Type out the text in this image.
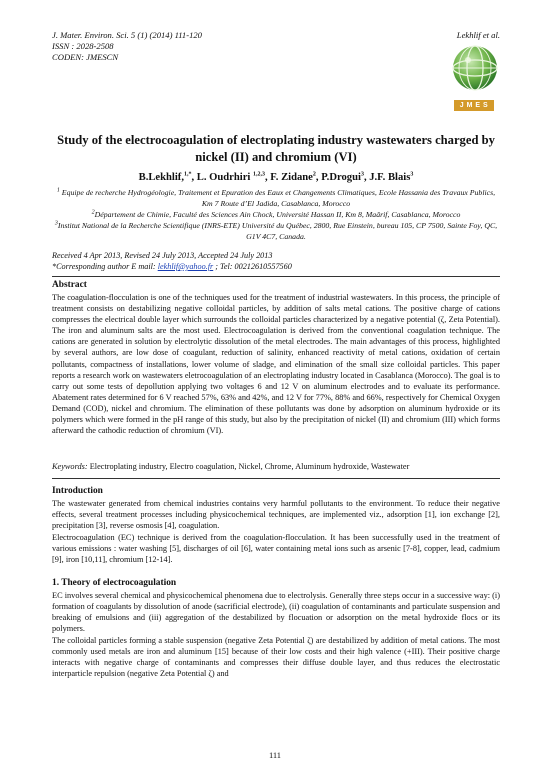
J. Mater. Environ. Sci. 5 (1) (2014) 111-120
ISSN : 2028-2508
CODEN: JMESCN
Lekhlif et al.
J M E S
Study of the electrocoagulation of electroplating industry wastewaters charged by nickel (II) and chromium (VI)
B.Lekhlif,$^{1,*}$, L. Oudrhiri $^{1,2,3}$, F. Zidane$^2$, P.Drogui$^3$, J.F. Blais$^3$
$^1$ Equipe de recherche Hydrogéologie, Traitement et Epuration des Eaux et Changements Climatiques, Ecole Hassania des Travaux Publics, Km 7 Route d’El Jadida, Casablanca, Morocco
$^2$Département de Chimie, Faculté des Sciences Ain Chock, Université Hassan II, Km 8, Maârif, Casablanca, Morocco
$^3$Institut National de la Recherche Scientifique (INRS-ETE) Université du Québec, 2800, Rue Einstein, bureau 105, CP 7500, Sainte Foy, QC, G1V 4C7, Canada.
Received 4 Apr 2013, Revised 24 July 2013, Accepted 24 July 2013
*Corresponding author E mail: lekhlif@yahoo.fr ; Tel: 00212610557560
Abstract
The coagulation-flocculation is one of the techniques used for the treatment of industrial wastewaters. In this process, the principle of treatment consists on destabilizing negative colloidal particles, by addition of salts metal cations. The positive charge of cations compresses the electrical double layer which surrounds the colloidal particles characterized by a negative potential (ζ, Zeta Potential). The iron and aluminum salts are the most used. Electrocoagulation is derived from the conventional coagulation technique. The cations are generated in solution by electrolytic dissolution of the metal electrodes. The main advantages of this process, highlighted by several authors, are low dose of coagulant, reduction of salinity, enhanced reactivity of metal cations, oxidation of certain pollutants, compactness of installations, lower volume of sladge, and elimination of the small size colloidal particles. This paper reports a research work on wastewaters eletrocoagulation of an electroplating industry located in Casablanca (Morocco). The goal is to carry out some tests of depollution applying two voltages 6 and 12 V on aluminum electrodes and to evaluate its performance. Abatement rates determined for 6 V reached 57%, 63% and 42%, and 12 V for 77%, 88% and 66%, respectively for Chemical Oxygen Demand (COD), nickel and chromium. The elimination of these pollutants was done by adsorption on aluminum hydroxide or its polymers which were formed in the pH range of this study, but also by the precipitation of nickel (II) and chromium (III) which forms afterward the cathodic reduction of chromium (VI).
Keywords: Electroplating industry, Electro coagulation, Nickel, Chrome, Aluminum hydroxide, Wastewater
Introduction
The wastewater generated from chemical industries contains very harmful pollutants to the environment. To reduce their negative effects, several treatment processes including physicochemical techniques, are implemented viz., adsorption [1], ion exchange [2], precipitation [3], reverse osmosis [4], coagulation.
Electrocoagulation (EC) technique is derived from the coagulation-flocculation. It has been successfully used in the treatment of various emissions : water washing [5], discharges of oil [6], water containing metal ions such as arsenic [7-8], copper, lead, cadmium [9], iron [10,11], chromium [12-14].
1. Theory of electrocoagulation
EC involves several chemical and physicochemical phenomena due to electrolysis. Generally three steps occur in a successive way: (i) formation of coagulants by dissolution of anode (sacrificial electrode), (ii) coagulation of contaminants and particulate suspension and breaking of emulsions and (iii) aggregation of the destabilized by flocuation or adsorption on the metal hydroxide flocs or its polymers.
The colloidal particles forming a stable suspension (negative Zeta Potential ζ) are destabilized by addition of metal cations. The most commonly used metals are iron and aluminum [15] because of their low costs and their high valence (+III). Their positive charge interacts with negative charge of contaminants and compresses their diffuse double layer, and thus reduces the electrostatic interparticle repulsion (negative Zeta Potential ζ) and
111
